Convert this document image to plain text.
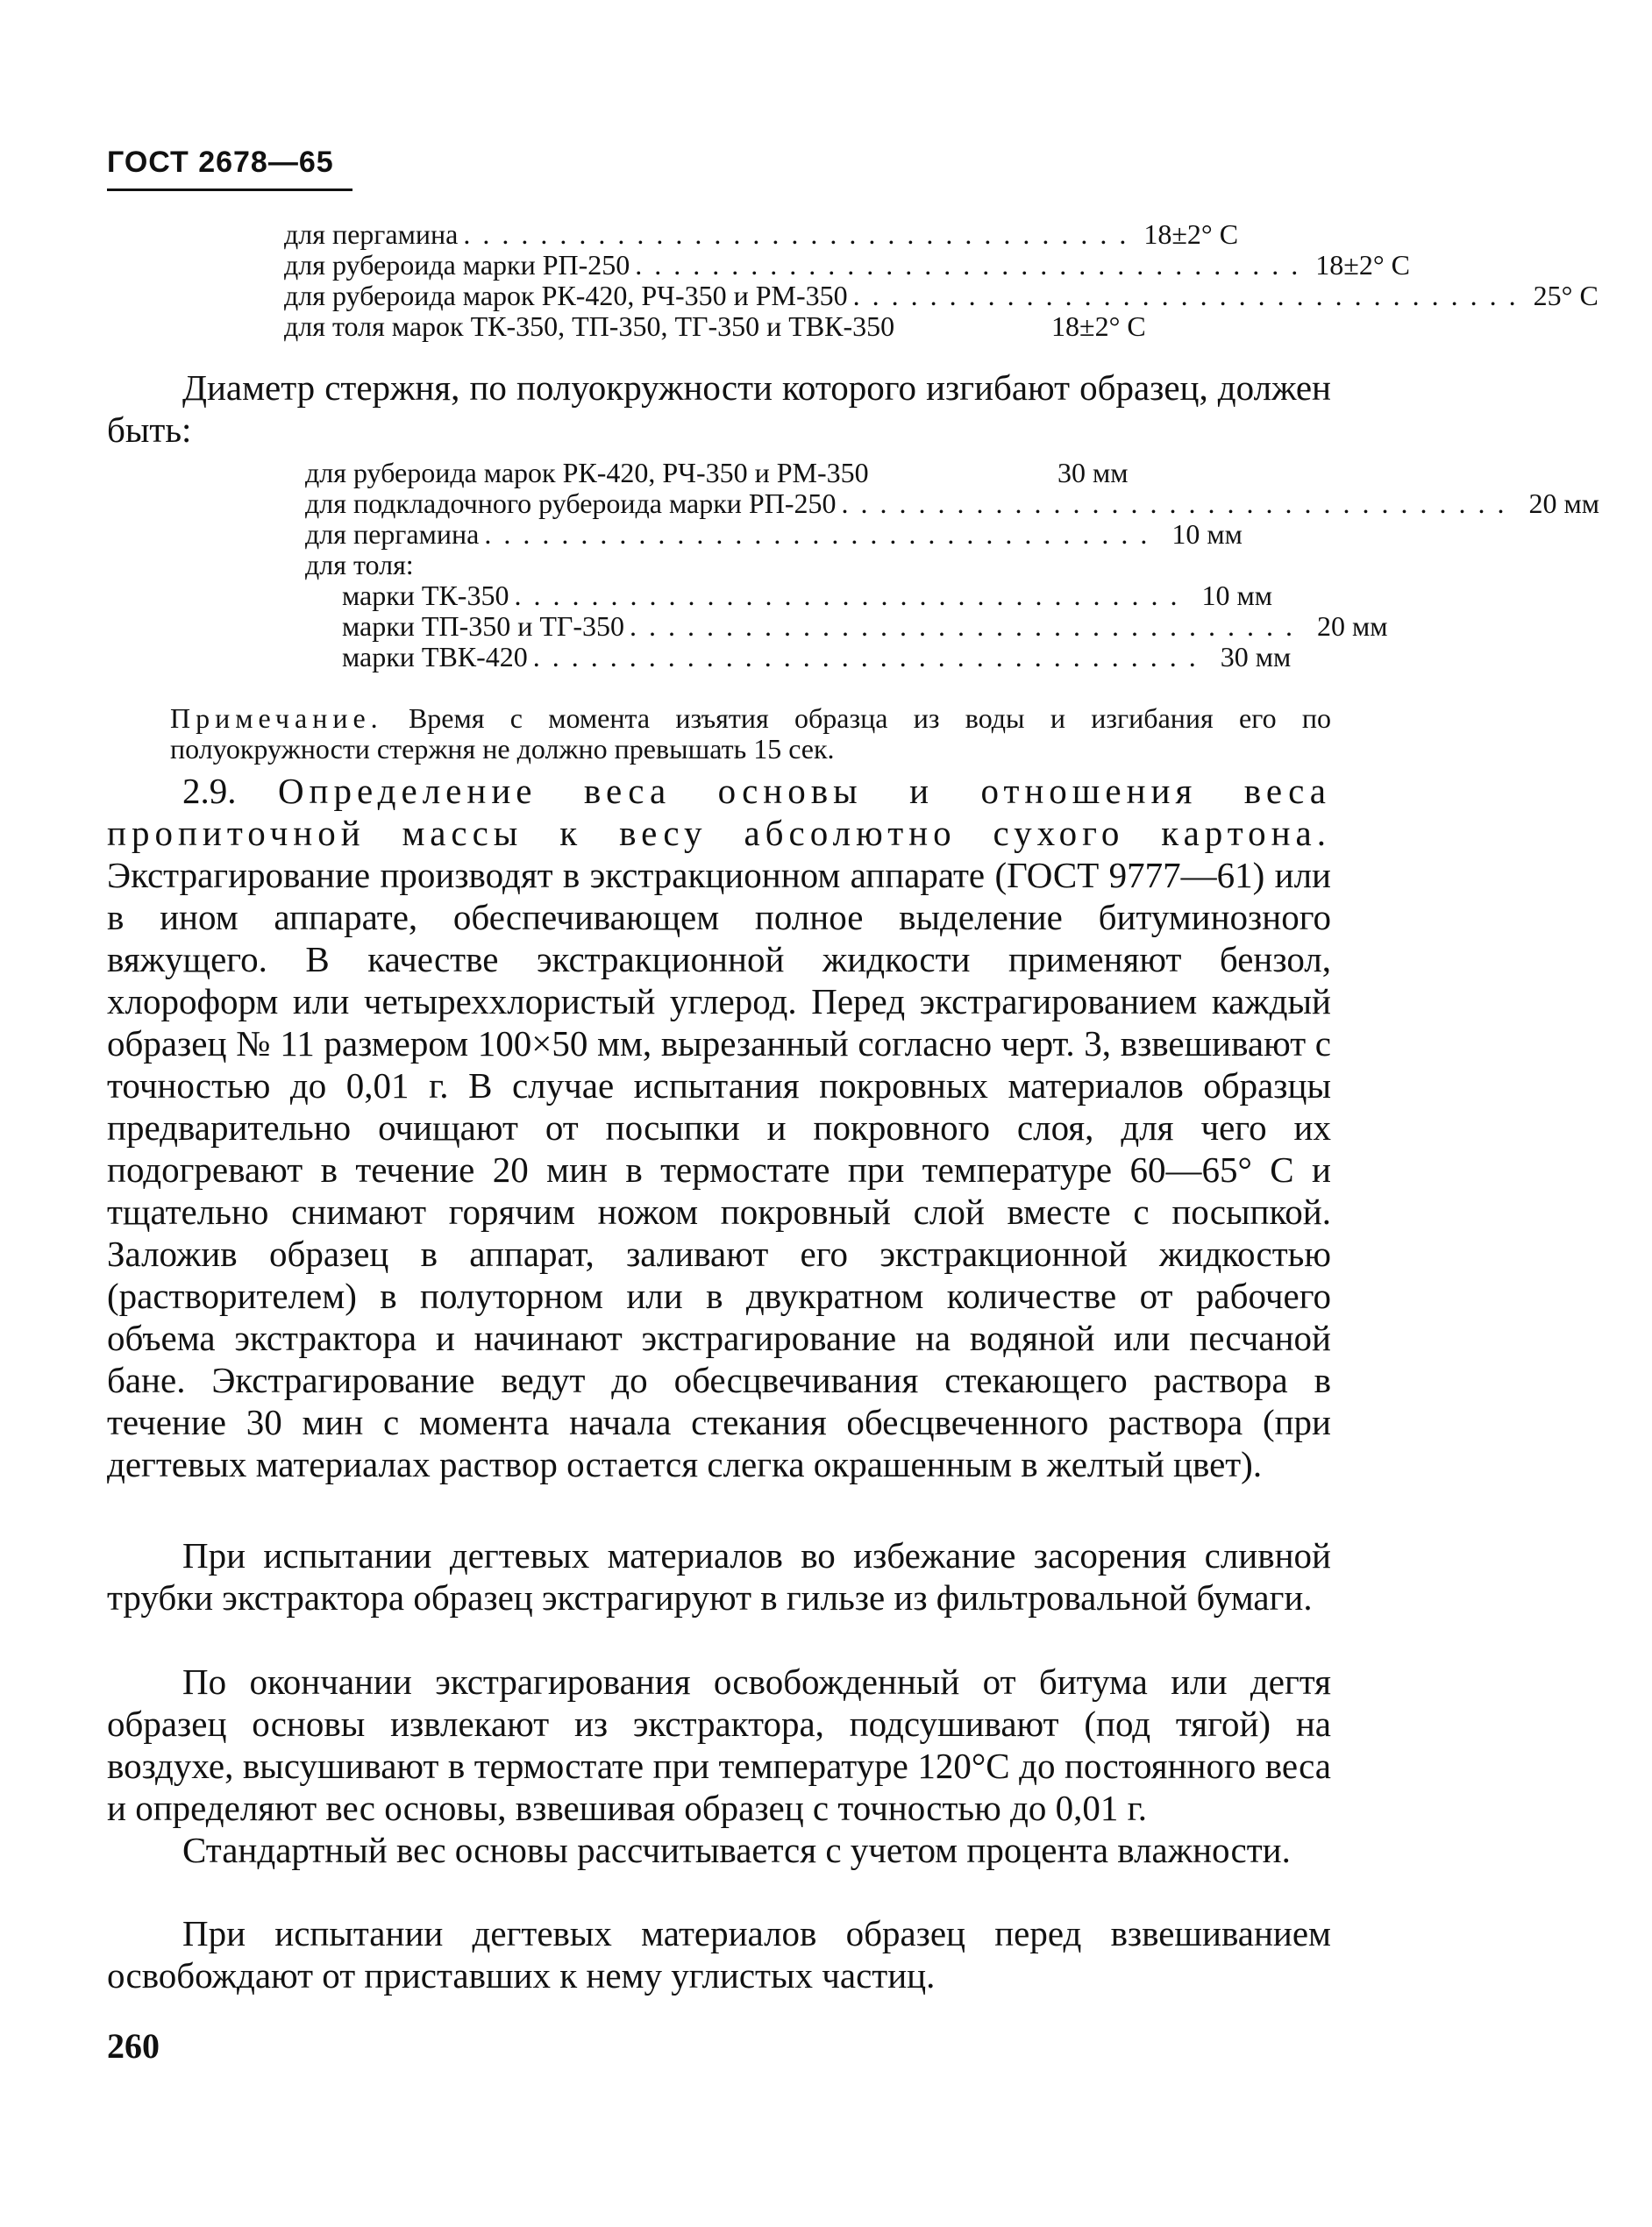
ГОСТ 2678—65
для пергамина ................................... 18±2° С
для рубероида марки РП-250 ................................... 18±2° С
для рубероида марок РК-420, РЧ-350 и РМ-350 ................................... 25° С
для толя марок ТК-350, ТП-350, ТГ-350 и ТВК-350	18±2° С

Диаметр стержня, по полуокружности которого изгибают образец, должен быть:

для рубероида марок РК-420, РЧ-350 и РМ-350	30 мм
для подкладочного рубероида марки РП-250 ................................... 20 мм
для пергамина ................................... 10 мм
для толя:
марки ТК-350 ................................... 10 мм
марки ТП-350 и ТГ-350 ................................... 20 мм
марки ТВК-420 ................................... 30 мм

Примечание. Время с момента изъятия образца из воды и изгибания его по полуокружности стержня не должно превышать 15 сек.

2.9. Определение веса основы и отношения веса пропиточной массы к весу абсолютно сухого картона. Экстрагирование производят в экстракционном аппарате (ГОСТ 9777—61) или в ином аппарате, обеспечивающем полное выделение битуминозного вяжущего. В качестве экстракционной жидкости применяют бензол, хлороформ или четыреххлористый углерод. Перед экстрагированием каждый образец № 11 размером 100×50 мм, вырезанный согласно черт. 3, взвешивают с точностью до 0,01 г. В случае испытания покровных материалов образцы предварительно очищают от посыпки и покровного слоя, для чего их подогревают в течение 20 мин в термостате при температуре 60—65° С и тщательно снимают горячим ножом покровный слой вместе с посыпкой. Заложив образец в аппарат, заливают его экстракционной жидкостью (растворителем) в полуторном или в двукратном количестве от рабочего объема экстрактора и начинают экстрагирование на водяной или песчаной бане. Экстрагирование ведут до обесцвечивания стекающего раствора в течение 30 мин с момента начала стекания обесцвеченного раствора (при дегтевых материалах раствор остается слегка окрашенным в желтый цвет).

При испытании дегтевых материалов во избежание засорения сливной трубки экстрактора образец экстрагируют в гильзе из фильтровальной бумаги.

По окончании экстрагирования освобожденный от битума или дегтя образец основы извлекают из экстрактора, подсушивают (под тягой) на воздухе, высушивают в термостате при температуре 120°С до постоянного веса и определяют вес основы, взвешивая образец с точностью до 0,01 г.

Стандартный вес основы рассчитывается с учетом процента влажности.

При испытании дегтевых материалов образец перед взвешиванием освобождают от приставших к нему углистых частиц.

260
